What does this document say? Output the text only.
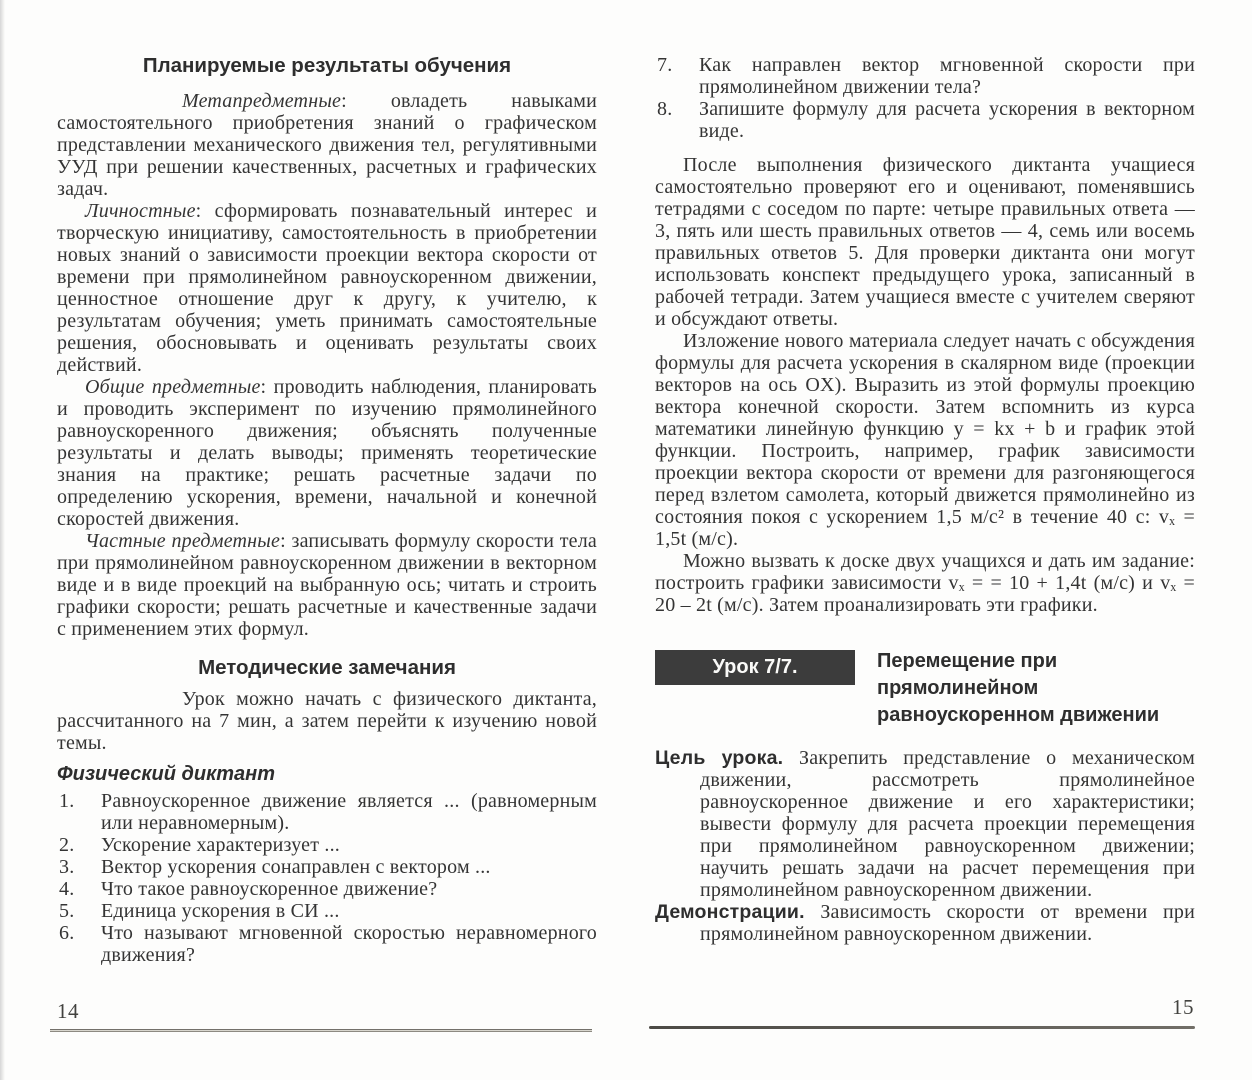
Планируемые результаты обучения

Метапредметные: овладеть навыками самостоятельного приобретения знаний о графическом представлении механического движения тел, регулятивными УУД при решении качественных, расчетных и графических задач.

Личностные: сформировать познавательный интерес и творческую инициативу, самостоятельность в приобретении новых знаний о зависимости проекции вектора скорости от времени при прямолинейном равноускоренном движении, ценностное отношение друг к другу, к учителю, к результатам обучения; уметь принимать самостоятельные решения, обосновывать и оценивать результаты своих действий.

Общие предметные: проводить наблюдения, планировать и проводить эксперимент по изучению прямолинейного равноускоренного движения; объяснять полученные результаты и делать выводы; применять теоретические знания на практике; решать расчетные задачи по определению ускорения, времени, начальной и конечной скоростей движения.

Частные предметные: записывать формулу скорости тела при прямолинейном равноускоренном движении в векторном виде и в виде проекций на выбранную ось; читать и строить графики скорости; решать расчетные и качественные задачи с применением этих формул.

Методические замечания

Урок можно начать с физического диктанта, рассчитанного на 7 мин, а затем перейти к изучению новой темы.

Физический диктант
1. Равноускоренное движение является ... (равномерным или неравномерным).
2. Ускорение характеризует ...
3. Вектор ускорения сонаправлен с вектором ...
4. Что такое равноускоренное движение?
5. Единица ускорения в СИ ...
6. Что называют мгновенной скоростью неравномерного движения?
7. Как направлен вектор мгновенной скорости при прямолинейном движении тела?
8. Запишите формулу для расчета ускорения в векторном виде.

После выполнения физического диктанта учащиеся самостоятельно проверяют его и оценивают, поменявшись тетрадями с соседом по парте: четыре правильных ответа — 3, пять или шесть правильных ответов — 4, семь или восемь правильных ответов 5. Для проверки диктанта они могут использовать конспект предыдущего урока, записанный в рабочей тетради. Затем учащиеся вместе с учителем сверяют и обсуждают ответы.

Изложение нового материала следует начать с обсуждения формулы для расчета ускорения в скалярном виде (проекции векторов на ось OX). Выразить из этой формулы проекцию вектора конечной скорости. Затем вспомнить из курса математики линейную функцию y = kx + b и график этой функции. Построить, например, график зависимости проекции вектора скорости от времени для разгоняющегося перед взлетом самолета, который движется прямолинейно из состояния покоя с ускорением 1,5 м/с² в течение 40 с: vₓ = 1,5t (м/с).

Можно вызвать к доске двух учащихся и дать им задание: построить графики зависимости vₓ = = 10 + 1,4t (м/с) и vₓ = 20 – 2t (м/с). Затем проанализировать эти графики.

Урок 7/7.	Перемещение при прямолинейном равноускоренном движении

Цель урока. Закрепить представление о механическом движении, рассмотреть прямолинейное равноускоренное движение и его характеристики; вывести формулу для расчета проекции перемещения при прямолинейном равноускоренном движении; научить решать задачи на расчет перемещения при прямолинейном равноускоренном движении.

Демонстрации. Зависимость скорости от времени при прямолинейном равноускоренном движении.

14	15
